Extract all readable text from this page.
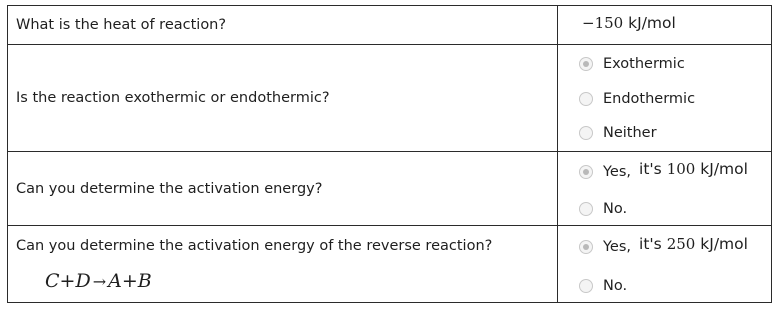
What is the heat of reaction?	−150 kJ/mol
Is the reaction exothermic or endothermic?
Exothermic
Endothermic
Neither
Can you determine the activation energy?
Yes, it's 100 kJ/mol
No.
Can you determine the activation energy of the reverse reaction?
C+D → A+B
Yes, it's 250 kJ/mol
No.
